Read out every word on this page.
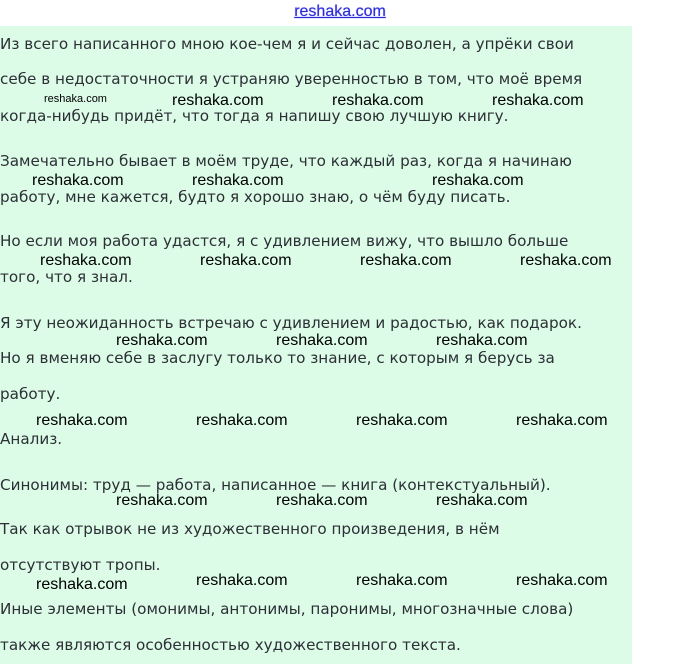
reshaka.com
Из всего написанного мною кое-чем я и сейчас доволен, а упрёки свои
себе в недостаточности я устраняю уверенностью в том, что моё время
когда-нибудь придёт, что тогда я напишу свою лучшую книгу.
Замечательно бывает в моём труде, что каждый раз, когда я начинаю
работу, мне кажется, будто я хорошо знаю, о чём буду писать.
Но если моя работа удастся, я с удивлением вижу, что вышло больше
того, что я знал.
Я эту неожиданность встречаю с удивлением и радостью, как подарок.
Но я вменяю себе в заслугу только то знание, с которым я берусь за
работу.
Анализ.
Синонимы: труд — работа, написанное — книга (контекстуальный).
Так как отрывок не из художественного произведения, в нём
отсутствуют тропы.
Иные элементы (омонимы, антонимы, паронимы, многозначные слова)
также являются особенностью художественного текста.
reshaka.com	reshaka.com	reshaka.com	reshaka.com
reshaka.com	reshaka.com	reshaka.com
reshaka.com	reshaka.com	reshaka.com	reshaka.com
reshaka.com	reshaka.com	reshaka.com
reshaka.com	reshaka.com	reshaka.com	reshaka.com
reshaka.com	reshaka.com	reshaka.com
reshaka.com	reshaka.com	reshaka.com	reshaka.com
